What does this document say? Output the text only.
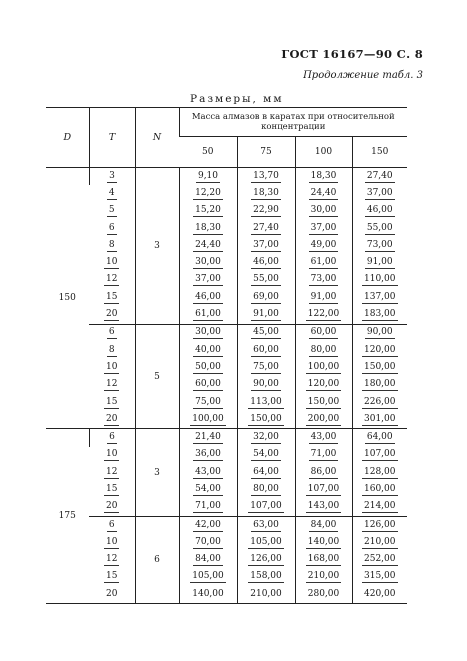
ГОСТ 16167—90 С. 8
Продолжение табл. 3
Размеры, мм
D	T	N	Масса алмазов в каратах при относительной концентрации			
			50	75	100	150
150	3	3	9,10	13,70	18,30	27,40
	4		12,20	18,30	24,40	37,00
	5		15,20	22,90	30,00	46,00
	6		18,30	27,40	37,00	55,00
	8		24,40	37,00	49,00	73,00
	10		30,00	46,00	61,00	91,00
	12		37,00	55,00	73,00	110,00
	15		46,00	69,00	91,00	137,00
	20		61,00	91,00	122,00	183,00
	6	5	30,00	45,00	60,00	90,00
	8		40,00	60,00	80,00	120,00
	10		50,00	75,00	100,00	150,00
	12		60,00	90,00	120,00	180,00
	15		75,00	113,00	150,00	226,00
	20		100,00	150,00	200,00	301,00
175	6	3	21,40	32,00	43,00	64,00
	10		36,00	54,00	71,00	107,00
	12		43,00	64,00	86,00	128,00
	15		54,00	80,00	107,00	160,00
	20		71,00	107,00	143,00	214,00
	6	6	42,00	63,00	84,00	126,00
	10		70,00	105,00	140,00	210,00
	12		84,00	126,00	168,00	252,00
	15		105,00	158,00	210,00	315,00
	20		140,00	210,00	280,00	420,00
